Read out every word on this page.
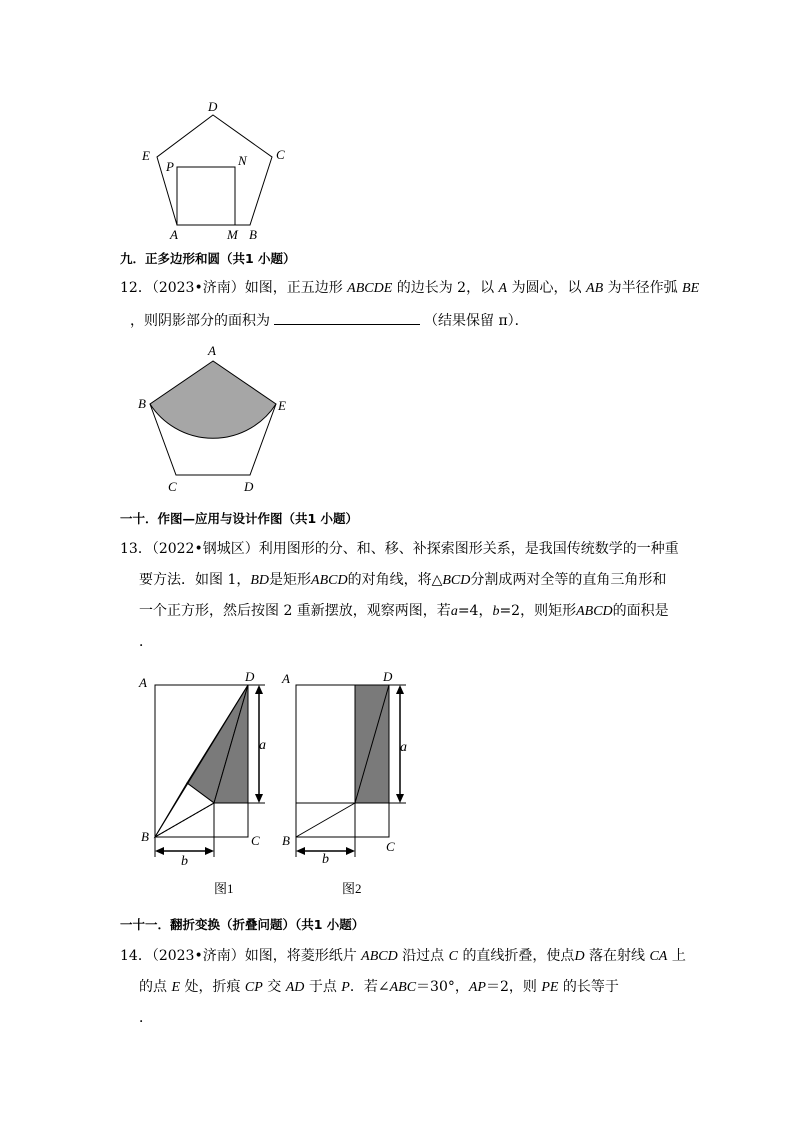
D
E	C
P	N
A	M B
九．正多边形和圆（共1 小题）
12．（2023•济南）如图，正五边形 ABCDE 的边长为 2，以 A 为圆心，以 AB 为半径作弧 BE
，则阴影部分的面积为	（结果保留 π）．
A
B	E
C	D
一十．作图—应用与设计作图（共1 小题）
13．（2022•钢城区）利用图形的分、和、移、补探索图形关系，是我国传统数学的一种重
要方法．如图 1，BD是矩形ABCD的对角线，将△BCD分割成两对全等的直角三角形和
一个正方形，然后按图 2 重新摆放，观察两图，若a=4，b=2，则矩形ABCD的面积是
．
A	D
B	C
a
b
图1
A	D
B	C
a
b
图2
一十一．翻折变换（折叠问题）（共1 小题）
14．（2023•济南）如图，将菱形纸片 ABCD 沿过点 C 的直线折叠，使点D 落在射线 CA 上
的点 E 处，折痕 CP 交 AD 于点 P．若∠ABC＝30°，AP＝2，则 PE 的长等于
．
